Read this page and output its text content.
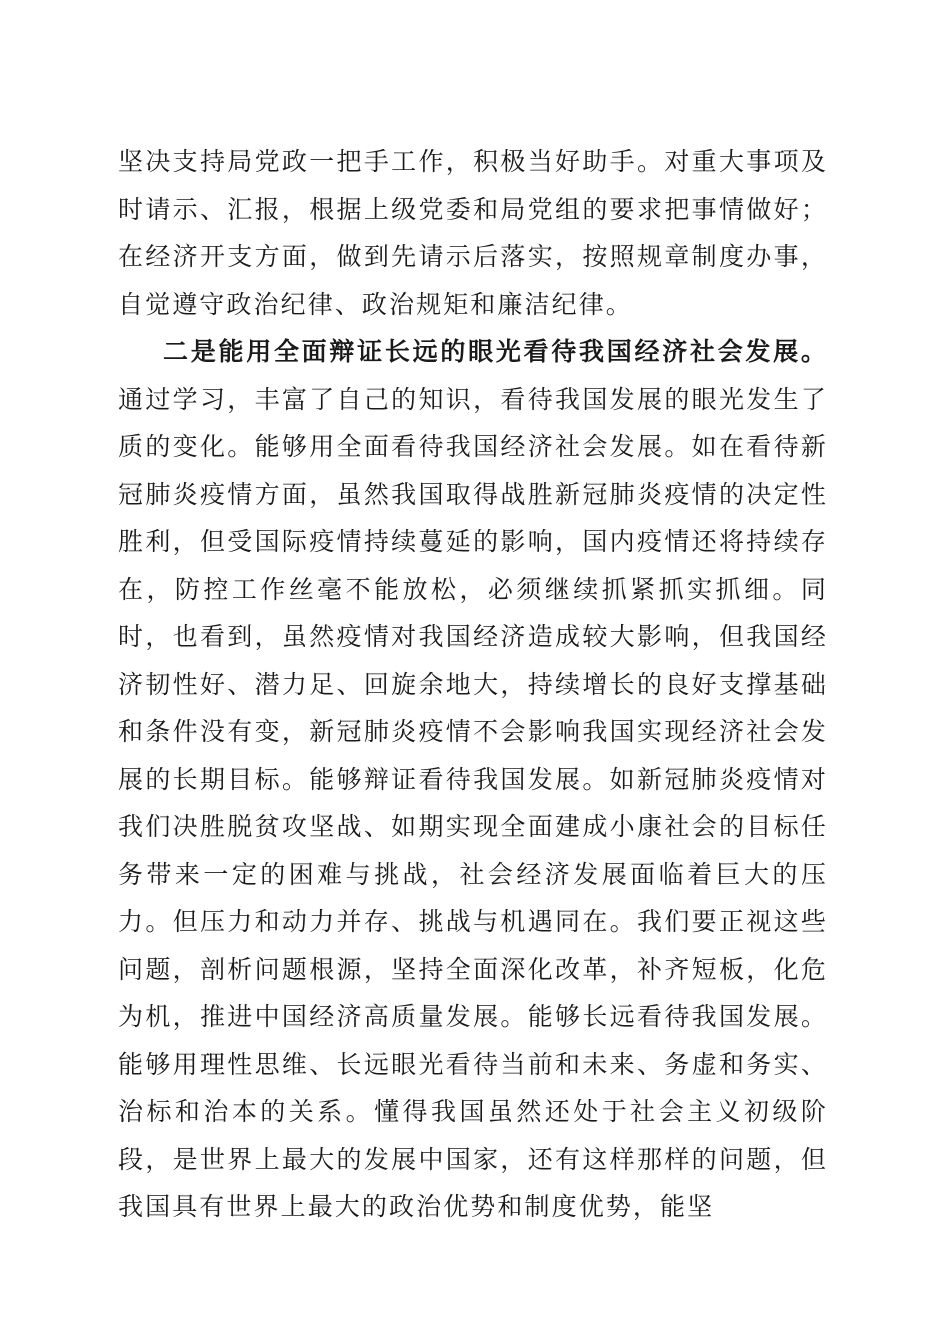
坚决支持局党政一把手工作，积极当好助手。对重大事项及时请示、汇报，根据上级党委和局党组的要求把事情做好；在经济开支方面，做到先请示后落实，按照规章制度办事，自觉遵守政治纪律、政治规矩和廉洁纪律。

二是能用全面辩证长远的眼光看待我国经济社会发展。通过学习，丰富了自己的知识，看待我国发展的眼光发生了质的变化。能够用全面看待我国经济社会发展。如在看待新冠肺炎疫情方面，虽然我国取得战胜新冠肺炎疫情的决定性胜利，但受国际疫情持续蔓延的影响，国内疫情还将持续存在，防控工作丝毫不能放松，必须继续抓紧抓实抓细。同时，也看到，虽然疫情对我国经济造成较大影响，但我国经济韧性好、潜力足、回旋余地大，持续增长的良好支撑基础和条件没有变，新冠肺炎疫情不会影响我国实现经济社会发展的长期目标。能够辩证看待我国发展。如新冠肺炎疫情对我们决胜脱贫攻坚战、如期实现全面建成小康社会的目标任务带来一定的困难与挑战，社会经济发展面临着巨大的压力。但压力和动力并存、挑战与机遇同在。我们要正视这些问题，剖析问题根源，坚持全面深化改革，补齐短板，化危为机，推进中国经济高质量发展。能够长远看待我国发展。能够用理性思维、长远眼光看待当前和未来、务虚和务实、治标和治本的关系。懂得我国虽然还处于社会主义初级阶段，是世界上最大的发展中国家，还有这样那样的问题，但我国具有世界上最大的政治优势和制度优势，能坚
